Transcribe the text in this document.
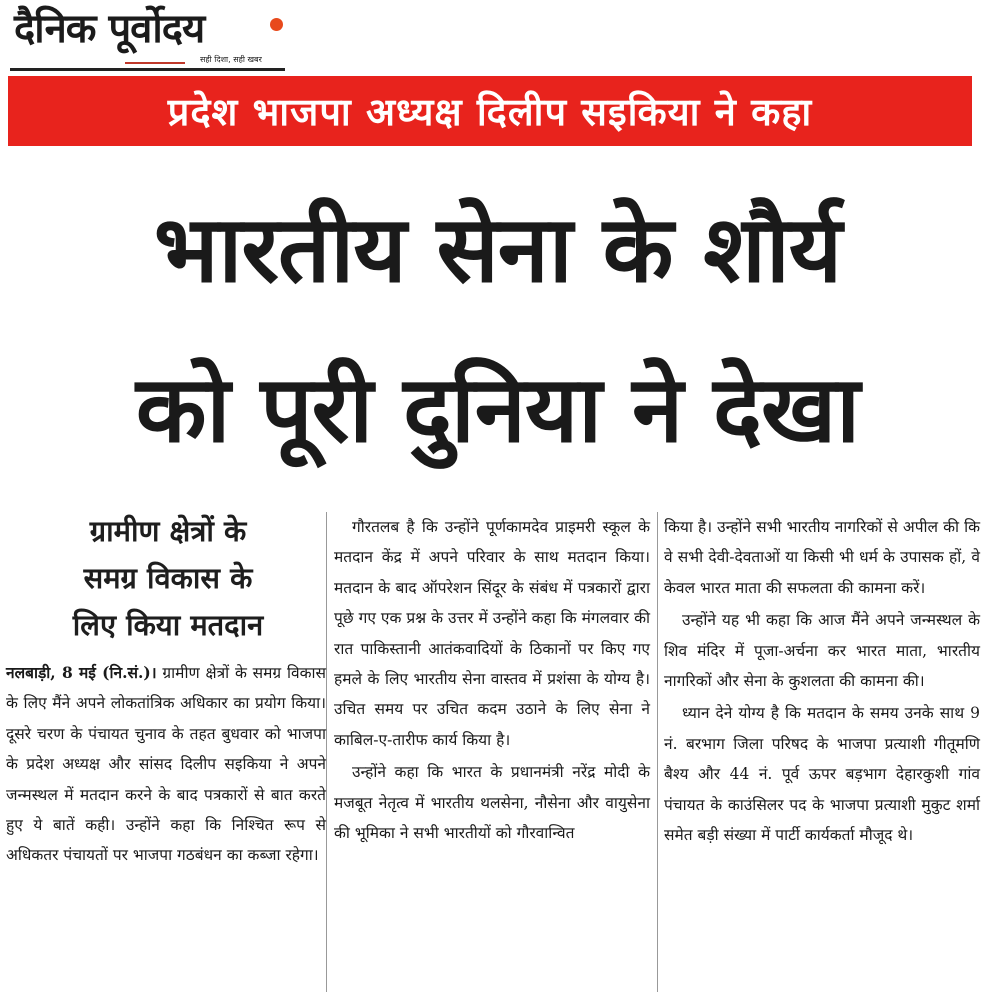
दैनिक पूर्वोदय
सही दिशा, सही खबर
प्रदेश भाजपा अध्यक्ष दिलीप सइकिया ने कहा
भारतीय सेना के शौर्य
को पूरी दुनिया ने देखा
ग्रामीण क्षेत्रों के
समग्र विकास के
लिए किया मतदान

नलबाड़ी, 8 मई (नि.सं.)। ग्रामीण क्षेत्रों के समग्र विकास के लिए मैंने अपने लोकतांत्रिक अधिकार का प्रयोग किया। दूसरे चरण के पंचायत चुनाव के तहत बुधवार को भाजपा के प्रदेश अध्यक्ष और सांसद दिलीप सइकिया ने अपने जन्मस्थल में मतदान करने के बाद पत्रकारों से बात करते हुए ये बातें कही। उन्होंने कहा कि निश्चित रूप से अधिकतर पंचायतों पर भाजपा गठबंधन का कब्जा रहेगा।

गौरतलब है कि उन्होंने पूर्णकामदेव प्राइमरी स्कूल के मतदान केंद्र में अपने परिवार के साथ मतदान किया। मतदान के बाद ऑपरेशन सिंदूर के संबंध में पत्रकारों द्वारा पूछे गए एक प्रश्न के उत्तर में उन्होंने कहा कि मंगलवार की रात पाकिस्तानी आतंकवादियों के ठिकानों पर किए गए हमले के लिए भारतीय सेना वास्तव में प्रशंसा के योग्य है। उचित समय पर उचित कदम उठाने के लिए सेना ने काबिल-ए-तारीफ कार्य किया है।

उन्होंने कहा कि भारत के प्रधानमंत्री नरेंद्र मोदी के मजबूत नेतृत्व में भारतीय थलसेना, नौसेना और वायुसेना की भूमिका ने सभी भारतीयों को गौरवान्वित

किया है। उन्होंने सभी भारतीय नागरिकों से अपील की कि वे सभी देवी-देवताओं या किसी भी धर्म के उपासक हों, वे केवल भारत माता की सफलता की कामना करें।

उन्होंने यह भी कहा कि आज मैंने अपने जन्मस्थल के शिव मंदिर में पूजा-अर्चना कर भारत माता, भारतीय नागरिकों और सेना के कुशलता की कामना की।

ध्यान देने योग्य है कि मतदान के समय उनके साथ 9 नं. बरभाग जिला परिषद के भाजपा प्रत्याशी गीतूमणि बैश्य और 44 नं. पूर्व ऊपर बड़भाग देहारकुशी गांव पंचायत के काउंसिलर पद के भाजपा प्रत्याशी मुकुट शर्मा समेत बड़ी संख्या में पार्टी कार्यकर्ता मौजूद थे।
